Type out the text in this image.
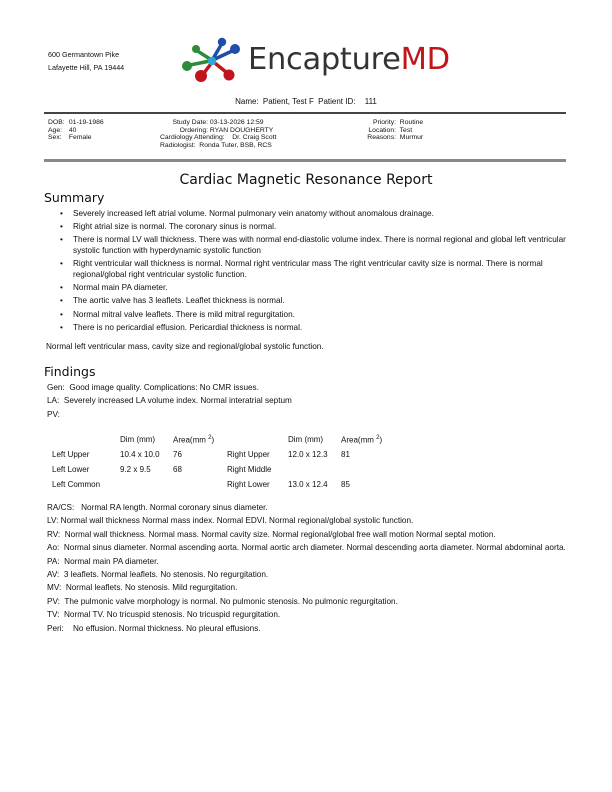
600 Germantown Pike
Lafayette Hill, PA 19444	EncaptureMD
Name: Patient, Test F Patient ID: 111
DOB: 01-19-1986
Age: 40
Sex: Female
Study Date: 03-13-2026 12:59
Ordering: RYAN DOUGHERTY
Cardiology Attending: Dr. Craig Scott
Radiologist: Ronda Tuter, BSB, RCS
Priority: Routine
Location: Test
Reasons: Murmur
Cardiac Magnetic Resonance Report
Summary
• Severely increased left atrial volume. Normal pulmonary vein anatomy without anomalous drainage.
• Right atrial size is normal. The coronary sinus is normal.
• There is normal LV wall thickness. There was with normal end-diastolic volume index. There is normal regional and global left ventricular systolic function with hyperdynamic systolic function
• Right ventricular wall thickness is normal. Normal right ventricular mass The right ventricular cavity size is normal. There is normal regional/global right ventricular systolic function.
• Normal main PA diameter.
• The aortic valve has 3 leaflets. Leaflet thickness is normal.
• Normal mitral valve leaflets. There is mild mitral regurgitation.
• There is no pericardial effusion. Pericardial thickness is normal.
Normal left ventricular mass, cavity size and regional/global systolic function.
Findings
Gen: Good image quality. Complications: No CMR issues.
LA: Severely increased LA volume index. Normal interatrial septum
PV:
	Dim (mm)	Area(mm $^2$)		Dim (mm)	Area(mm $^2$)
Left Upper	10.4 x 10.0	76	Right Upper	12.0 x 12.3	81
Left Lower	9.2 x 9.5	68	Right Middle		
Left Common			Right Lower	13.0 x 12.4	85
RA/CS: Normal RA length. Normal coronary sinus diameter.
LV: Normal wall thickness Normal mass index. Normal EDVI. Normal regional/global systolic function.
RV: Normal wall thickness. Normal mass. Normal cavity size. Normal regional/global free wall motion Normal septal motion.
Ao: Normal sinus diameter. Normal ascending aorta. Normal aortic arch diameter. Normal descending aorta diameter. Normal abdominal aorta.
PA: Normal main PA diameter.
AV: 3 leaflets. Normal leaflets. No stenosis. No regurgitation.
MV: Normal leaflets. No stenosis. Mild regurgitation.
PV: The pulmonic valve morphology is normal. No pulmonic stenosis. No pulmonic regurgitation.
TV: Normal TV. No tricuspid stenosis. No tricuspid regurgitation.
Peri: No effusion. Normal thickness. No pleural effusions.
